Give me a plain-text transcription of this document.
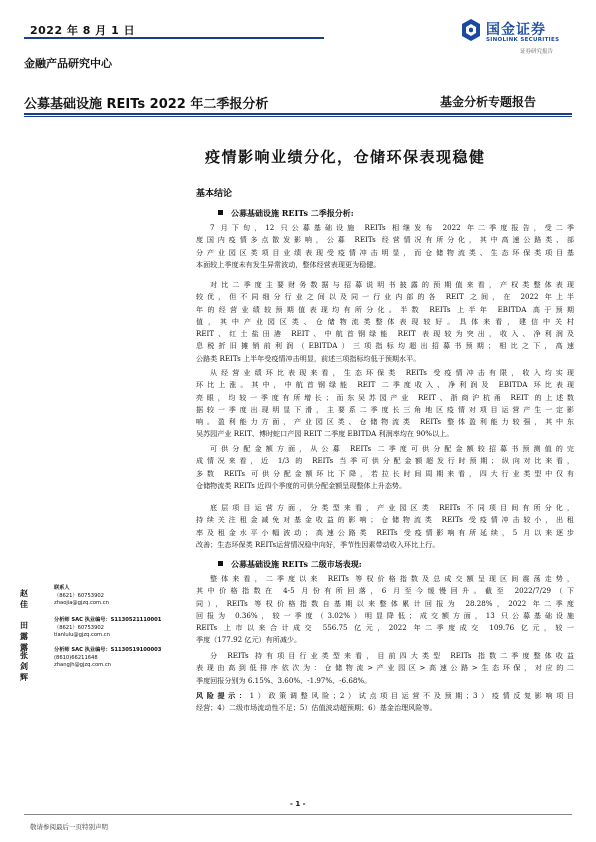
2022 年 8 月 1 日
金融产品研究中心
国金证券
SINOLINK SECURITIES
证券研究报告
公募基础设施 REITs 2022 年二季报分析	基金分析专题报告
疫情影响业绩分化，仓储环保表现稳健
基本结论
公募基础设施 REITs 二季报分析:
7 月下旬，12 只公募基础设施 REITs 相继发布 2022 年二季度报告，受二季
度国内疫情多点散发影响，公募 REITs 经营情况有所分化，其中高速公路类、部
分产业园区类项目业绩表现受疫情冲击明显，而仓储物流类、生态环保类项目基
本面较上季度未有发生异常波动，整体经营表现更为稳健。
对比二季度主要财务数据与招募说明书披露的预期值来看，产权类整体表现
较优，但不同细分行业之间以及同一行业内部的各 REIT 之间，在 2022 年上半
年的经营业绩较预期值表现均有所分化。半数 REITs 上半年 EBITDA 高于预期
值，其中产业园区类、仓储物流类整体表现较好。具体来看，建信中关村
REIT、红土盐田港 REIT、中航首钢绿能 REIT 表现较为突出，收入、净利润及
息税折旧摊销前利润（EBITDA）三项指标均超出招募书预期；相比之下，高速
公路类 REITs 上半年受疫情冲击明显，前述三项指标均低于预期水平。
从经营业绩环比表现来看，生态环保类 REITs 受疫情冲击有限，收入均实现
环比上涨。其中，中航首钢绿能 REIT 二季度收入、净利润及 EBITDA 环比表现
亮眼，均较一季度有所增长；而东吴苏园产业 REIT、浙商沪杭甬 REIT 的上述数
据较一季度出现明显下滑，主要系二季度长三角地区疫情对项目运营产生一定影
响。盈利能力方面，产业园区类、仓储物流类 REITs 整体盈利能力较强，其中东
吴苏园产业 REIT、博时蛇口产园 REIT 二季度 EBITDA 利润率均在 90%以上。
可供分配金额方面，从公募 REITs 二季度可供分配金额较招募书预测值的完
成情况来看，近 1/3 的 REITs 当季可供分配金额超发行时预期；纵向对比来看，
多数 REITs 可供分配金额环比下降，若拉长时间周期来看，四大行业类型中仅有
仓储物流类 REITs 近四个季度的可供分配金额呈现整体上升态势。
底层项目运营方面，分类型来看，产业园区类 REITs 不同项目间有所分化，
持续关注租金减免对基金收益的影响；仓储物流类 REITs 受疫情冲击较小，出租
率及租金水平小幅波动；高速公路类 REITs 受疫情影响有所延续，5 月以来逐步
改善；生态环保类 REITs运营情况稳中向好，季节性因素带动收入环比上行。
公募基础设施 REITs 二级市场表现:
整体来看，二季度以来 REITs 等权价格指数及总成交额呈现区间震荡走势，
其中价格指数在 4-5 月份有所回落，6 月至今缓慢回升。截至 2022/7/29（下
同），REITs 等权价格指数自基期以来整体累计回报为 28.28%，2022 年二季度
回报为 0.36%，较一季度（3.02%）明显降低；成交额方面，13 只公募基础设施
REITs 上市以来合计成交 556.75 亿元，2022 年二季度成交 109.76 亿元，较一
季度（177.92 亿元）有所减少。
分 REITs 持有项目行业类型来看，目前四大类型 REITs 指数二季度整体收益
表现由高到低排序依次为：仓储物流>产业园区>高速公路>生态环保，对应的二
季度回报分别为 6.15%、3.60%、-1.97%、-6.68%。
风险提示：1）政策调整风险；2）试点项目运营不及预期；3）疫情反复影响项目
经营；4）二级市场流动性不足；5）估值波动超预期；6）基金治理风险等。
赵佳
联系人
（8621）60753902
zhaojia@gjzq.com.cn
田露露
分析师 SAC 执业编号：S1130521110001
（8621）60753902
tianlulu@gjzq.com.cn
张剑辉
分析师 SAC 执业编号：S1130519100003
(8610)66211648
zhangjh@gjzq.com.cn
- 1 -
敬请参阅最后一页特别声明
